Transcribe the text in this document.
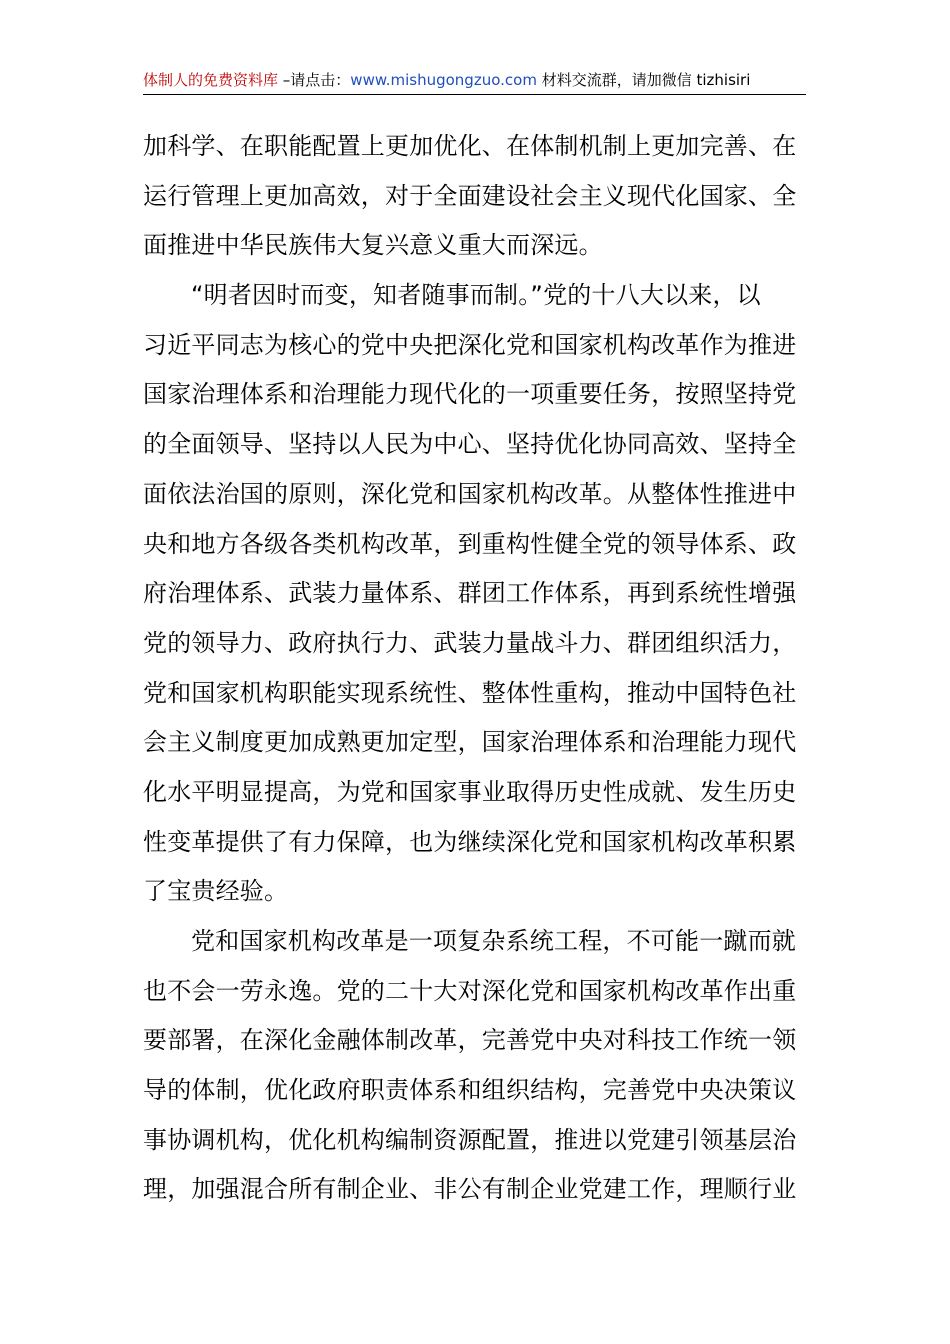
体制人的免费资料库 –请点击：www.mishugongzuo.com 材料交流群，请加微信 tizhisiri
加科学、在职能配置上更加优化、在体制机制上更加完善、在
运行管理上更加高效，对于全面建设社会主义现代化国家、全
面推进中华民族伟大复兴意义重大而深远。
“明者因时而变，知者随事而制。”党的十八大以来，以
习近平同志为核心的党中央把深化党和国家机构改革作为推进
国家治理体系和治理能力现代化的一项重要任务，按照坚持党
的全面领导、坚持以人民为中心、坚持优化协同高效、坚持全
面依法治国的原则，深化党和国家机构改革。从整体性推进中
央和地方各级各类机构改革，到重构性健全党的领导体系、政
府治理体系、武装力量体系、群团工作体系，再到系统性增强
党的领导力、政府执行力、武装力量战斗力、群团组织活力，
党和国家机构职能实现系统性、整体性重构，推动中国特色社
会主义制度更加成熟更加定型，国家治理体系和治理能力现代
化水平明显提高，为党和国家事业取得历史性成就、发生历史
性变革提供了有力保障，也为继续深化党和国家机构改革积累
了宝贵经验。
党和国家机构改革是一项复杂系统工程，不可能一蹴而就
也不会一劳永逸。党的二十大对深化党和国家机构改革作出重
要部署，在深化金融体制改革，完善党中央对科技工作统一领
导的体制，优化政府职责体系和组织结构，完善党中央决策议
事协调机构，优化机构编制资源配置，推进以党建引领基层治
理，加强混合所有制企业、非公有制企业党建工作，理顺行业
